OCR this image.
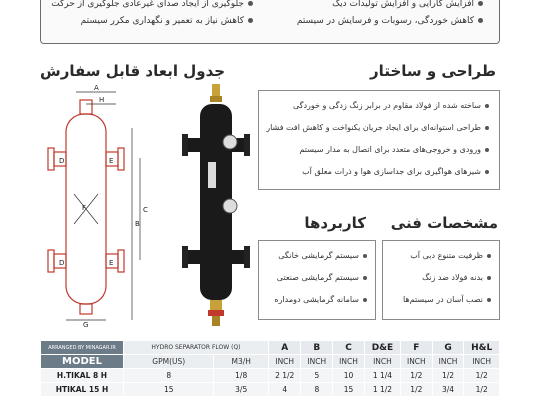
افزایش کارایی و افزایش تولیدات دیگ
کاهش خوردگی، رسوبات و فرسایش در سیستم
جلوگیری از ایجاد صدای غیرعادی جلوگیری از حرکت
کاهش نیاز به تعمیر و نگهداری مکرر سیستم
طراحی و ساختار
جدول ابعاد قابل سفارش
A
H
B
C
D	E
D	E
F
G
ساخته شده از فولاد مقاوم در برابر زنگ زدگی و خوردگی
طراحی استوانه‌ای برای ایجاد جریان یکنواخت و کاهش افت فشار
ورودی و خروجی‌های متعدد برای اتصال به مدار سیستم
شیرهای هواگیری برای جداسازی هوا و ذرات معلق آب
کاربردها مشخصات فنی
سیستم گرمایشی خانگی
سیستم گرمایشی صنعتی
سامانه گرمایشی دومداره
ظرفیت متنوع دبی آب
بدنه فولاد ضد زنگ
نصب آسان در سیستم‌ها
ARRANGED BY MINAGAR.IR	HYDRO SEPARATOR FLOW (Q)		A	B	C	D&E	F	G	H&L
MODEL	GPM(US)	M3/H	INCH	INCH	INCH	INCH	INCH	INCH	INCH
H.TIKAL 8 H	8	1/8	2 1/2	5	10	1 1/4	1/2	1/2	1/2
HTIKAL 15 H	15	3/5	4	8	15	1 1/2	1/2	3/4	1/2
